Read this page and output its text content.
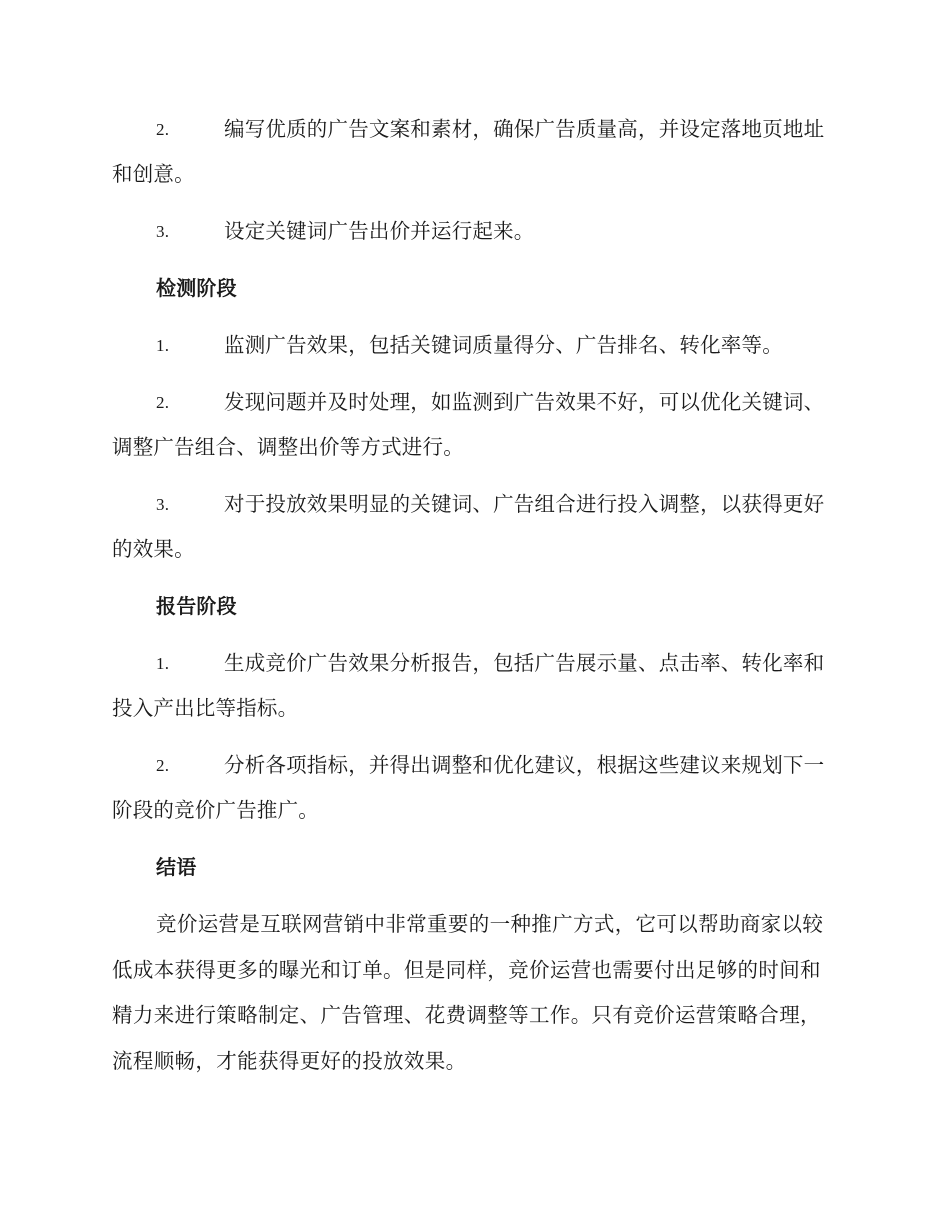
2.	编写优质的广告文案和素材，确保广告质量高，并设定落地页地址和创意。
3.	设定关键词广告出价并运行起来。
检测阶段
1.	监测广告效果，包括关键词质量得分、广告排名、转化率等。
2.	发现问题并及时处理，如监测到广告效果不好，可以优化关键词、调整广告组合、调整出价等方式进行。
3.	对于投放效果明显的关键词、广告组合进行投入调整，以获得更好的效果。
报告阶段
1.	生成竞价广告效果分析报告，包括广告展示量、点击率、转化率和投入产出比等指标。
2.	分析各项指标，并得出调整和优化建议，根据这些建议来规划下一阶段的竞价广告推广。
结语

竞价运营是互联网营销中非常重要的一种推广方式，它可以帮助商家以较低成本获得更多的曝光和订单。但是同样，竞价运营也需要付出足够的时间和精力来进行策略制定、广告管理、花费调整等工作。只有竞价运营策略合理，流程顺畅，才能获得更好的投放效果。
